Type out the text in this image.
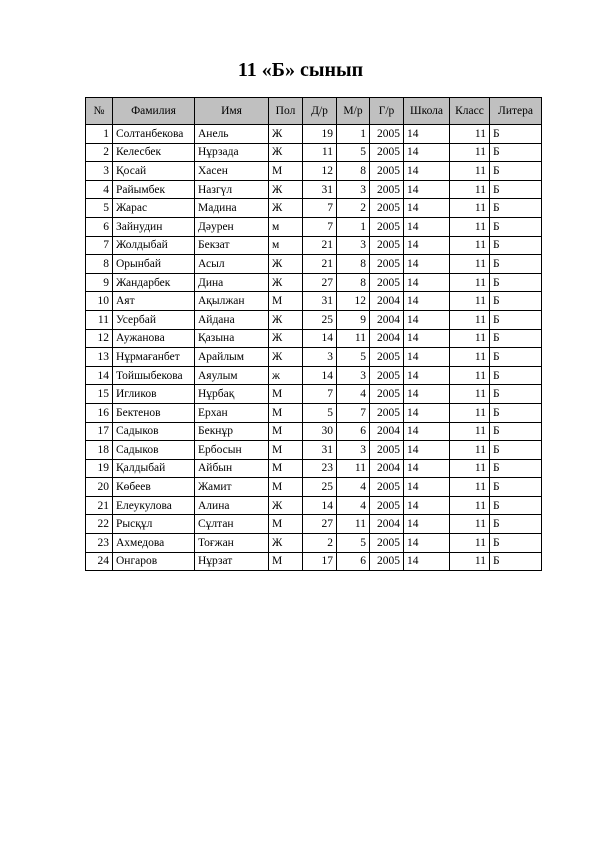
11 «Б» сынып
№	Фамилия	Имя	Пол	Д/р	М/р	Г/р	Школа	Класс	Литера
1	Солтанбекова	Анель	Ж	19	1	2005	14	11	Б
2	Келесбек	Нұрзада	Ж	11	5	2005	14	11	Б
3	Қосай	Хасен	М	12	8	2005	14	11	Б
4	Райымбек	Назгүл	Ж	31	3	2005	14	11	Б
5	Жарас	Мадина	Ж	7	2	2005	14	11	Б
6	Зайнудин	Дәурен	м	7	1	2005	14	11	Б
7	Жолдыбай	Бекзат	м	21	3	2005	14	11	Б
8	Орынбай	Асыл	Ж	21	8	2005	14	11	Б
9	Жандарбек	Дина	Ж	27	8	2005	14	11	Б
10	Аят	Ақылжан	М	31	12	2004	14	11	Б
11	Усербай	Айдана	Ж	25	9	2004	14	11	Б
12	Аужанова	Қазына	Ж	14	11	2004	14	11	Б
13	Нұрмағанбет	Арайлым	Ж	3	5	2005	14	11	Б
14	Тойшыбекова	Аяулым	ж	14	3	2005	14	11	Б
15	Игликов	Нұрбақ	М	7	4	2005	14	11	Б
16	Бектенов	Ерхан	М	5	7	2005	14	11	Б
17	Садыков	Бекнұр	М	30	6	2004	14	11	Б
18	Садыков	Ербосын	М	31	3	2005	14	11	Б
19	Қалдыбай	Айбын	М	23	11	2004	14	11	Б
20	Көбеев	Жамит	М	25	4	2005	14	11	Б
21	Елеукулова	Алина	Ж	14	4	2005	14	11	Б
22	Рысқұл	Сұлтан	М	27	11	2004	14	11	Б
23	Ахмедова	Тоғжан	Ж	2	5	2005	14	11	Б
24	Онгаров	Нұрзат	М	17	6	2005	14	11	Б
